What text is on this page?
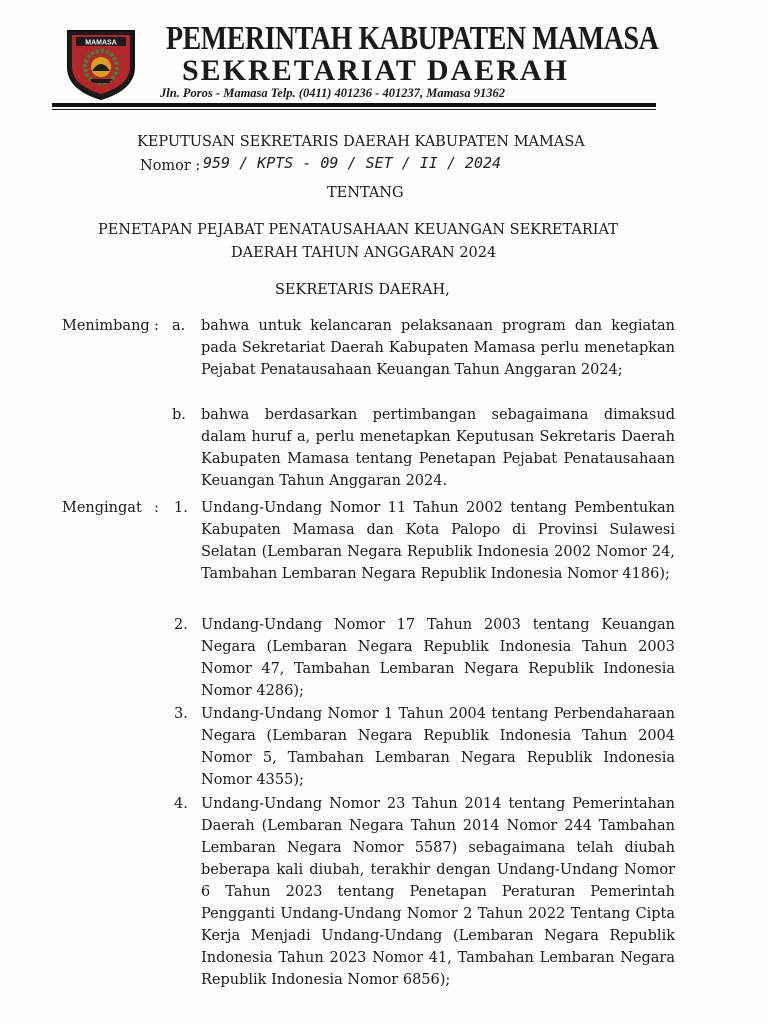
MAMASA PEMERINTAH KABUPATEN MAMASA
SEKRETARIAT DAERAH
Jln. Poros - Mamasa Telp. (0411) 401236 - 401237, Mamasa 91362
KEPUTUSAN SEKRETARIS DAERAH KABUPATEN MAMASA
Nomor : 959 / KPTS - 09 / SET / II / 2024
TENTANG
PENETAPAN PEJABAT PENATAUSAHAAN KEUANGAN SEKRETARIAT
DAERAH TAHUN ANGGARAN 2024
SEKRETARIS DAERAH,
Menimbang : a. bahwa untuk kelancaran pelaksanaan program dan kegiatan pada Sekretariat Daerah Kabupaten Mamasa perlu menetapkan Pejabat Penatausahaan Keuangan Tahun Anggaran 2024;
b. bahwa berdasarkan pertimbangan sebagaimana dimaksud dalam huruf a, perlu menetapkan Keputusan Sekretaris Daerah Kabupaten Mamasa tentang Penetapan Pejabat Penatausahaan Keuangan Tahun Anggaran 2024.
Mengingat : 1. Undang-Undang Nomor 11 Tahun 2002 tentang Pembentukan Kabupaten Mamasa dan Kota Palopo di Provinsi Sulawesi Selatan (Lembaran Negara Republik Indonesia 2002 Nomor 24, Tambahan Lembaran Negara Republik Indonesia Nomor 4186);
2. Undang-Undang Nomor 17 Tahun 2003 tentang Keuangan Negara (Lembaran Negara Republik Indonesia Tahun 2003 Nomor 47, Tambahan Lembaran Negara Republik Indonesia Nomor 4286);
3. Undang-Undang Nomor 1 Tahun 2004 tentang Perbendaharaan Negara (Lembaran Negara Republik Indonesia Tahun 2004 Nomor 5, Tambahan Lembaran Negara Republik Indonesia Nomor 4355);
4. Undang-Undang Nomor 23 Tahun 2014 tentang Pemerintahan Daerah (Lembaran Negara Tahun 2014 Nomor 244 Tambahan Lembaran Negara Nomor 5587) sebagaimana telah diubah beberapa kali diubah, terakhir dengan Undang-Undang Nomor 6 Tahun 2023 tentang Penetapan Peraturan Pemerintah Pengganti Undang-Undang Nomor 2 Tahun 2022 Tentang Cipta Kerja Menjadi Undang-Undang (Lembaran Negara Republik Indonesia Tahun 2023 Nomor 41, Tambahan Lembaran Negara Republik Indonesia Nomor 6856);
